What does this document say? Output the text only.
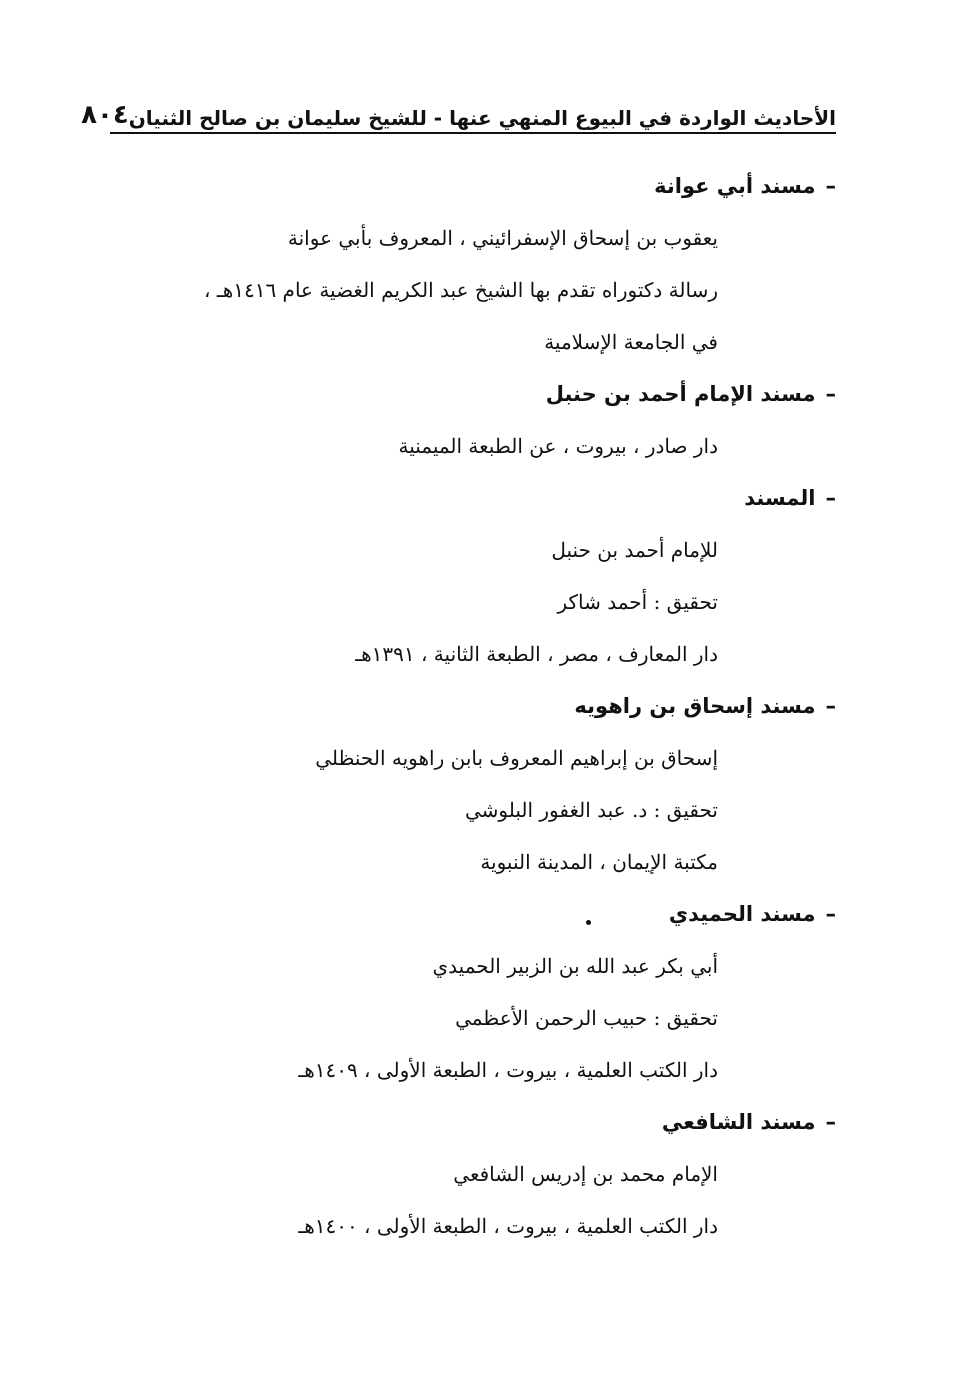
الأحاديث الواردة في البيوع المنهي عنها - للشيخ سليمان بن صالح الثنيان
٨٠٤
–مسند أبي عوانة
يعقوب بن إسحاق الإسفرائيني ، المعروف بأبي عوانة
رسالة دكتوراه تقدم بها الشيخ عبد الكريم الغضية عام ١٤١٦هـ ،
في الجامعة الإسلامية
–مسند الإمام أحمد بن حنبل
دار صادر ، بيروت ، عن الطبعة الميمنية
–المسند
للإمام أحمد بن حنبل
تحقيق : أحمد شاكر
دار المعارف ، مصر ، الطبعة الثانية ، ١٣٩١هـ
–مسند إسحاق بن راهويه
إسحاق بن إبراهيم المعروف بابن راهويه الحنظلي
تحقيق : د. عبد الغفور البلوشي
مكتبة الإيمان ، المدينة النبوية
–مسند الحميدي
أبي بكر عبد الله بن الزبير الحميدي
تحقيق : حبيب الرحمن الأعظمي
دار الكتب العلمية ، بيروت ، الطبعة الأولى ، ١٤٠٩هـ
–مسند الشافعي
الإمام محمد بن إدريس الشافعي
دار الكتب العلمية ، بيروت ، الطبعة الأولى ، ١٤٠٠هـ
